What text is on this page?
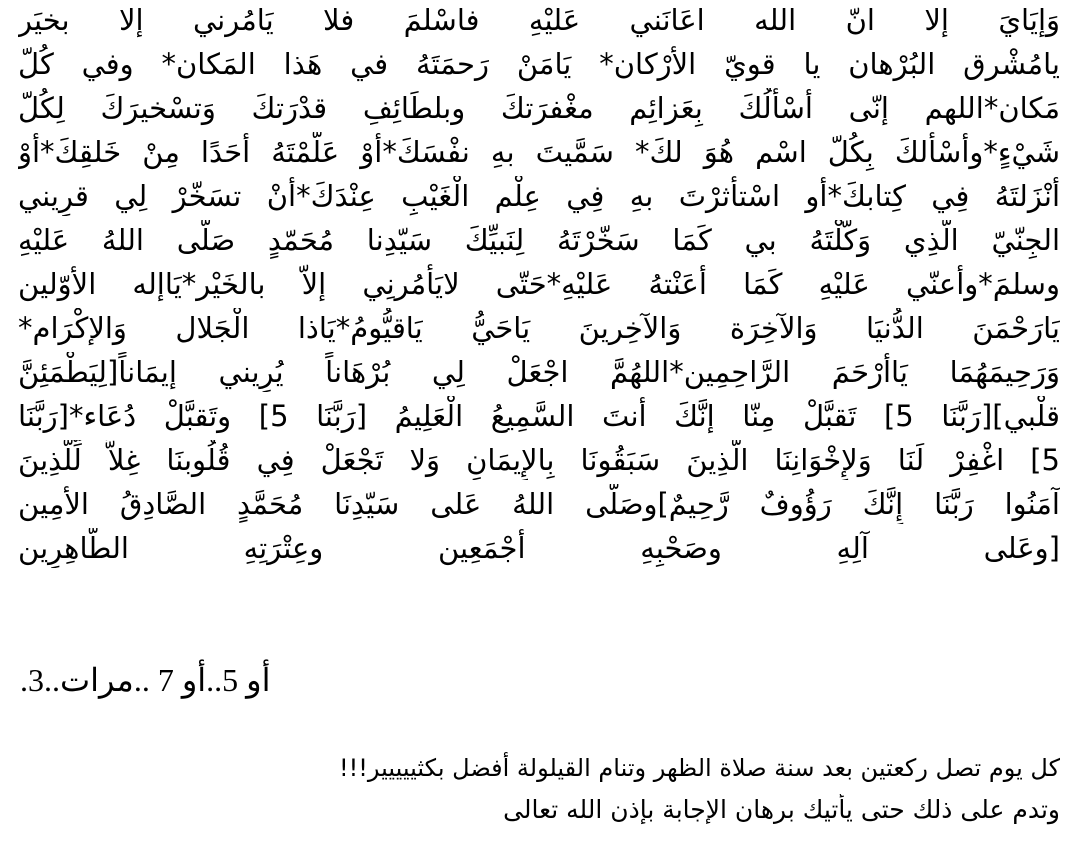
وَإيَايَ إلا انّ الله اعَانَني عَليْهِ فاسْلمَ فلا يَامُرني إلا بخيَر
يامُشْرق البُرْهان يا قويّ الأرْكان* يَامَنْ رَحمَتَهُ في هَذا المَكان* وفي كُلّ
مَكان*اللهم إنّى أسْألُكَ بِعَزائِم مغْفرَتكَ وبلطَائِفِ قدْرَتكَ وَتسْخيرَكَ لِكُلّ
شَيْءٍ*وأسْألكَ بِكُلّ اسْم هُوَ لكَ* سَمَّيتَ بهِ نفْسَكَ*أوْ عَلَّمْتَهُ أحَدًا مِنْ خَلقِكَ*أوْ
أنْزَلتَهُ فِي كِتابكَ*أو اسْتأثرْتَ بهِ فِي عِلْم الْغَيْبِ عِنْدَكَ*أنْ تسَخّرْ لِي قرِيني
الجِنّيّ الّذِي وَكّلْتَهُ بي كَمَا سَخّرْتَهُ لِنَبيِّكَ سَيّدِنا مُحَمّدٍ صَلّى اللهُ عَليْهِ
وسلمَ*وأعنّي عَليْهِ كَمَا أعَنْتهُ عَليْهِ*حَتّى لايَأمُرنِي إلاّ بالخَيْر*يَاإله الأوّلين
يَارَحْمَنَ الدُّنيَا وَالآخِرَة وَالآخِرينَ يَاحَيُّ يَاقيُّومُ*يَاذا الْجَلال وَالإكْرَام*
وَرَحِيمَهُمَا يَاأرْحَمَ الرَّاحِمِين*اللهُمَّ اجْعَلْ لِي بُرْهَاناً يُرِيني إيمَاناً[لِيَطْمَئِنَّ
قلْبي][رَبَّنَا 5] تَقبَّلْ مِنّا إنَّكَ أنتَ السَّمِيعُ الْعَلِيمُ [رَبَّنَا 5] وتَقبَّلْ دُعَاء*[رَبَّنَا
5] اغْفِرْ لَنَا وَلإِخْوَانِنَا الَّذِينَ سَبَقُونَا بِالإِيمَانِ وَلا تَجْعَلْ فِي قُلُوبنَا غِلاًّ لِّلَّذِينَ
آمَنُوا رَبَّنَا إِنَّكَ رَؤُوفٌ رَّحِيمٌ]وصَلّى اللهُ عَلى سَيّدِنَا مُحَمَّدٍ الصَّادِقُ الأمِين
[وعَلى آلِهِ وصَحْبِهِ أجْمَعِين وعِتْرَتِهِ الطَّاهِرِين
أو 5..أو 7 ..مرات..3.
كل يوم تصل ركعتين بعد سنة صلاة الظهر وتنام القيلولة أفضل بكثييييير!!!
وتدم على ذلك حتى يأتيك برهان الإجابة بإذن الله تعالى
